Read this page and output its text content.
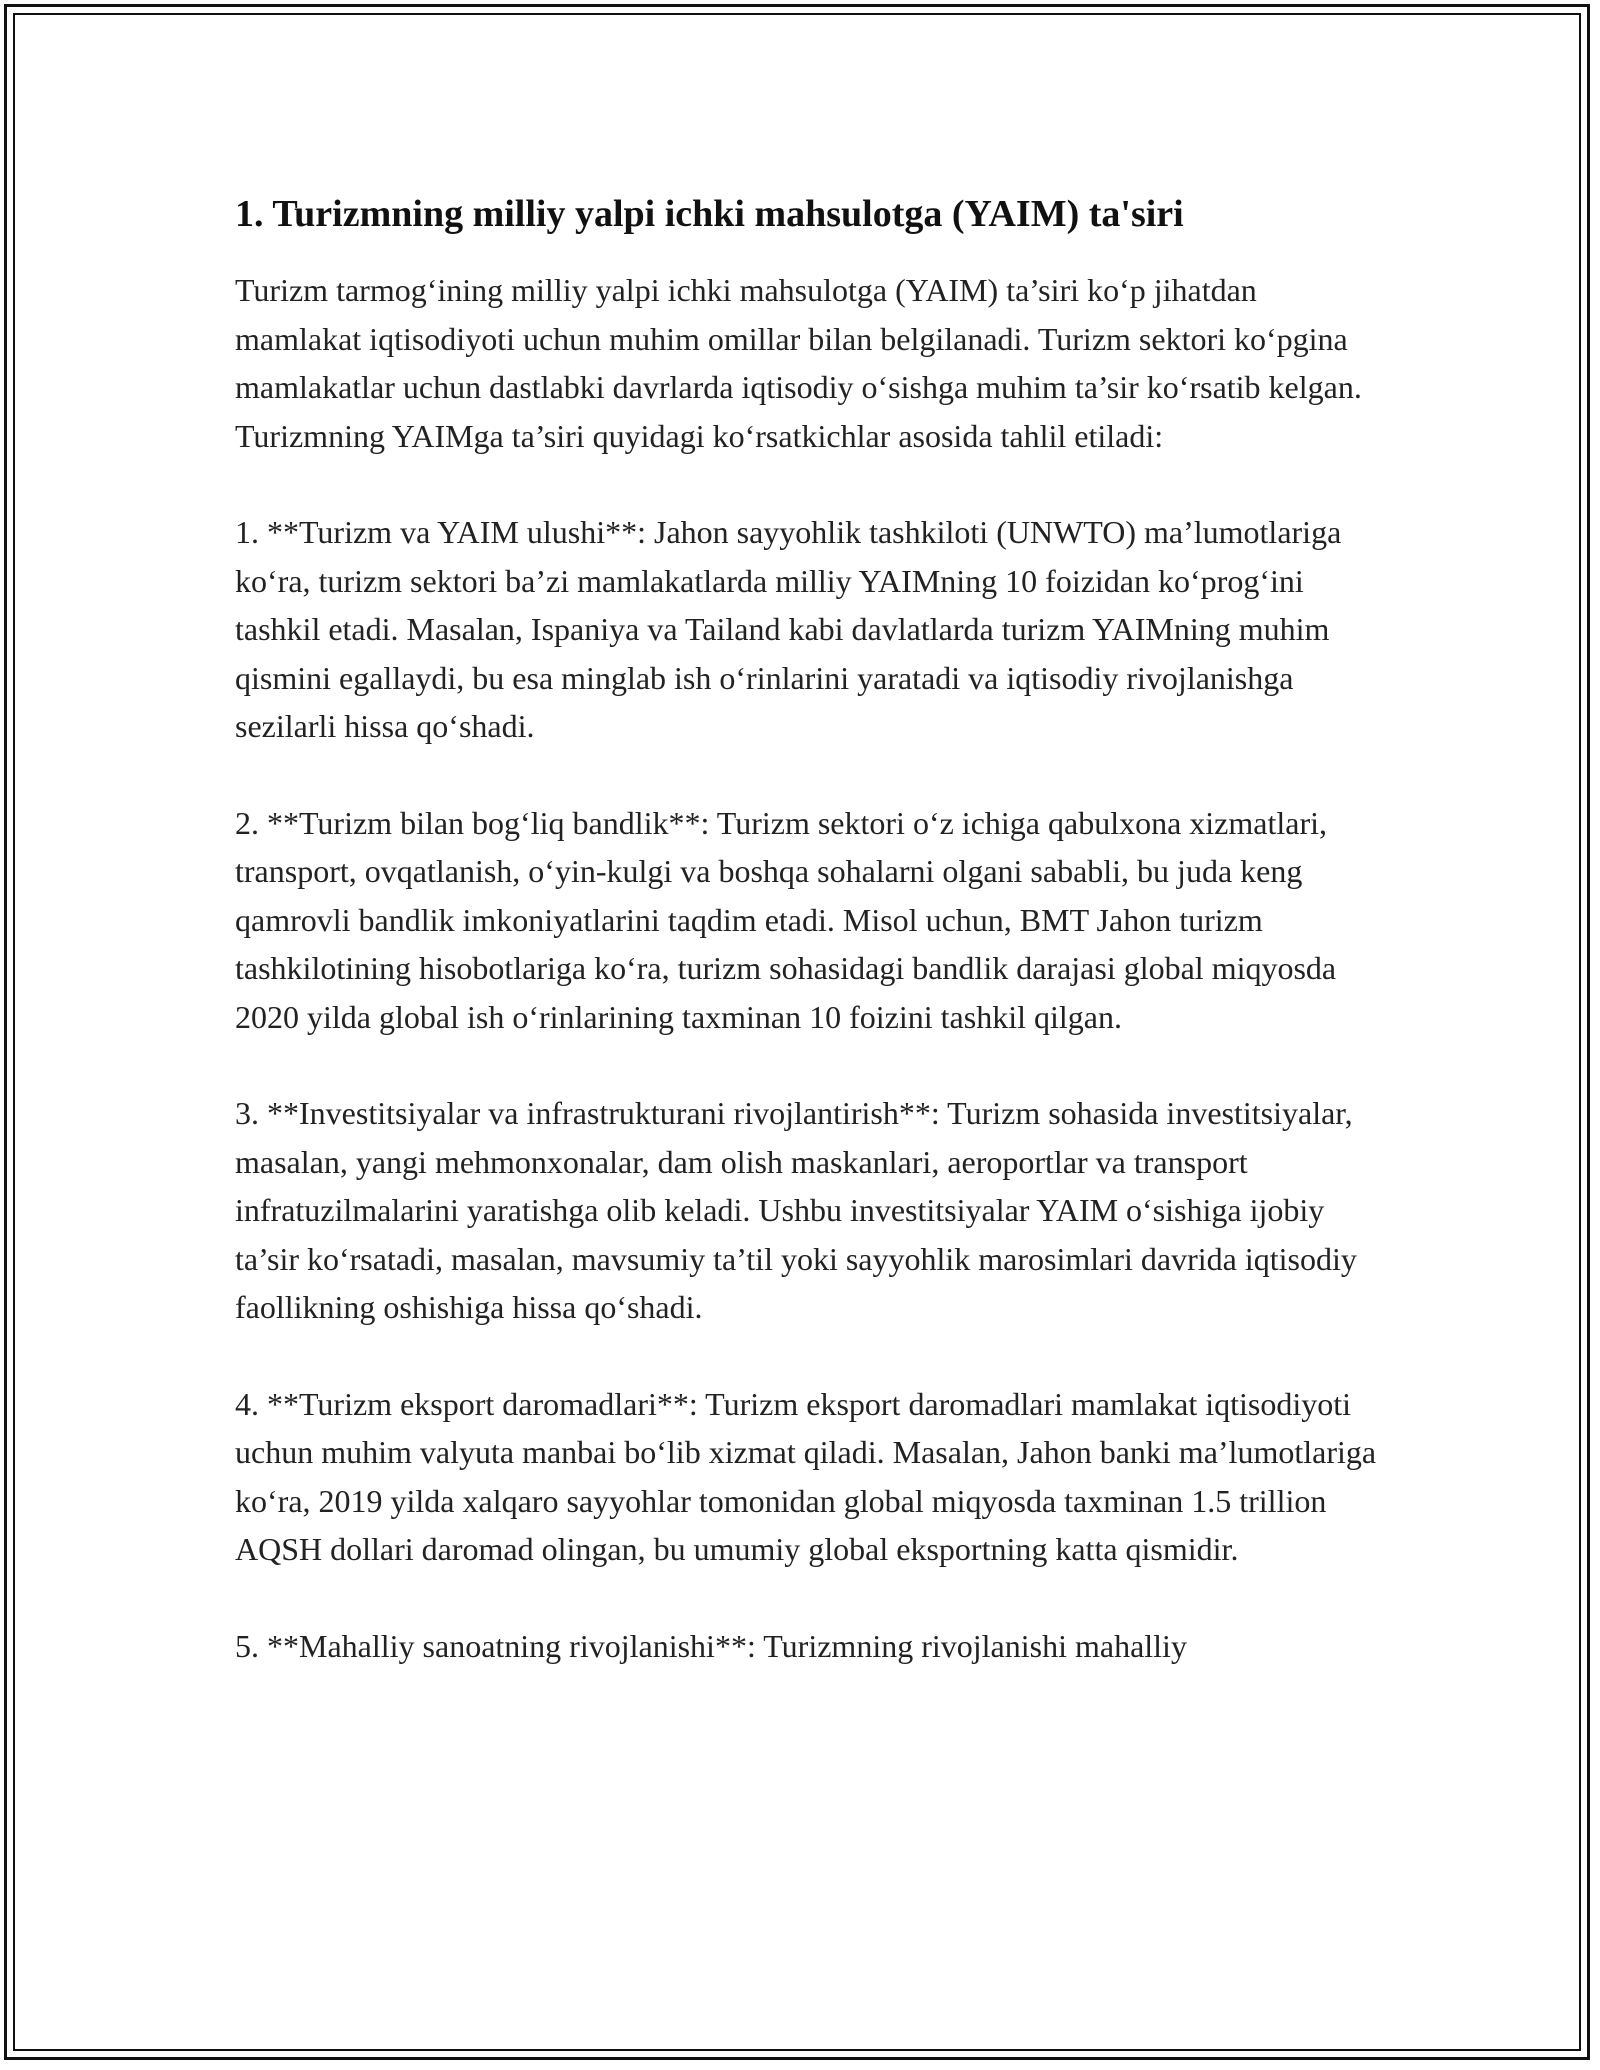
1. Turizmning milliy yalpi ichki mahsulotga (YAIM) ta'siri

Turizm tarmog‘ining milliy yalpi ichki mahsulotga (YAIM) ta’siri ko‘p jihatdan mamlakat iqtisodiyoti uchun muhim omillar bilan belgilanadi. Turizm sektori ko‘pgina mamlakatlar uchun dastlabki davrlarda iqtisodiy o‘sishga muhim ta’sir ko‘rsatib kelgan. Turizmning YAIMga ta’siri quyidagi ko‘rsatkichlar asosida tahlil etiladi:

1. **Turizm va YAIM ulushi**: Jahon sayyohlik tashkiloti (UNWTO) ma’lumotlariga ko‘ra, turizm sektori ba’zi mamlakatlarda milliy YAIMning 10 foizidan ko‘prog‘ini tashkil etadi. Masalan, Ispaniya va Tailand kabi davlatlarda turizm YAIMning muhim qismini egallaydi, bu esa minglab ish o‘rinlarini yaratadi va iqtisodiy rivojlanishga sezilarli hissa qo‘shadi.

2. **Turizm bilan bog‘liq bandlik**: Turizm sektori o‘z ichiga qabulxona xizmatlari, transport, ovqatlanish, o‘yin-kulgi va boshqa sohalarni olgani sababli, bu juda keng qamrovli bandlik imkoniyatlarini taqdim etadi. Misol uchun, BMT Jahon turizm tashkilotining hisobotlariga ko‘ra, turizm sohasidagi bandlik darajasi global miqyosda 2020 yilda global ish o‘rinlarining taxminan 10 foizini tashkil qilgan.

3. **Investitsiyalar va infrastrukturani rivojlantirish**: Turizm sohasida investitsiyalar, masalan, yangi mehmonxonalar, dam olish maskanlari, aeroportlar va transport infratuzilmalarini yaratishga olib keladi. Ushbu investitsiyalar YAIM o‘sishiga ijobiy ta’sir ko‘rsatadi, masalan, mavsumiy ta’til yoki sayyohlik marosimlari davrida iqtisodiy faollikning oshishiga hissa qo‘shadi.

4. **Turizm eksport daromadlari**: Turizm eksport daromadlari mamlakat iqtisodiyoti uchun muhim valyuta manbai bo‘lib xizmat qiladi. Masalan, Jahon banki ma’lumotlariga ko‘ra, 2019 yilda xalqaro sayyohlar tomonidan global miqyosda taxminan 1.5 trillion AQSH dollari daromad olingan, bu umumiy global eksportning katta qismidir.

5. **Mahalliy sanoatning rivojlanishi**: Turizmning rivojlanishi mahalliy
